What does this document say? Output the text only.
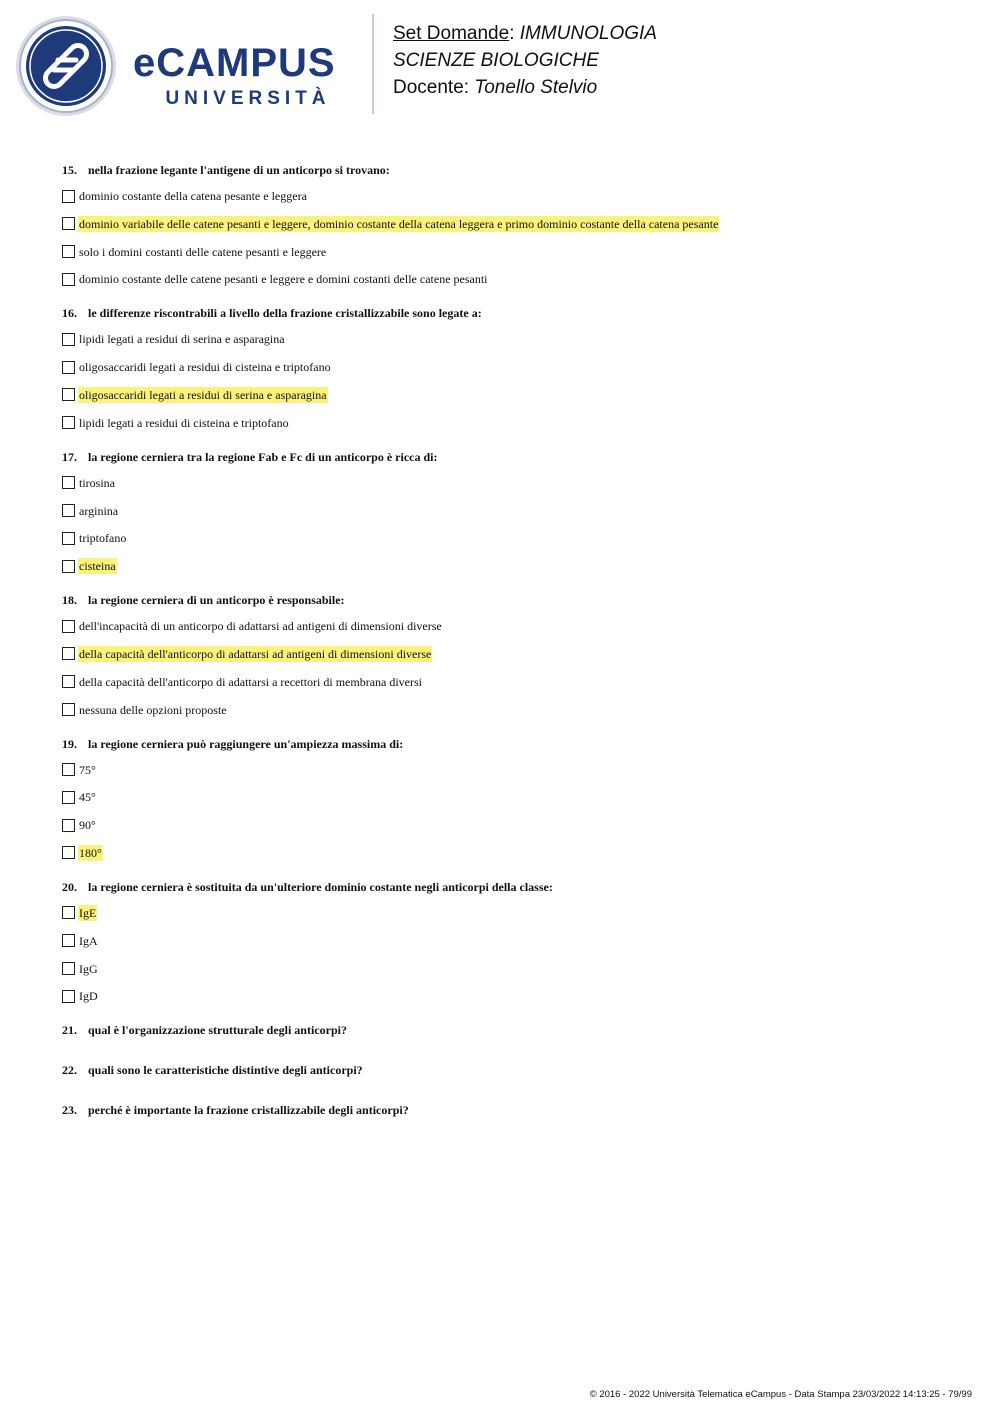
eCAMPUS
UNIVERSITÀ
Set Domande: IMMUNOLOGIA
SCIENZE BIOLOGICHE
Docente: Tonello Stelvio
15. nella frazione legante l'antigene di un anticorpo si trovano:
dominio costante della catena pesante e leggera
dominio variabile delle catene pesanti e leggere, dominio costante della catena leggera e primo dominio costante della catena pesante
solo i domini costanti delle catene pesanti e leggere
dominio costante delle catene pesanti e leggere e domini costanti delle catene pesanti
16. le differenze riscontrabili a livello della frazione cristallizzabile sono legate a:
lipidi legati a residui di serina e asparagina
oligosaccaridi legati a residui di cisteina e triptofano
oligosaccaridi legati a residui di serina e asparagina
lipidi legati a residui di cisteina e triptofano
17. la regione cerniera tra la regione Fab e Fc di un anticorpo è ricca di:
tirosina
arginina
triptofano
cisteina
18. la regione cerniera di un anticorpo è responsabile:
dell'incapacità di un anticorpo di adattarsi ad antigeni di dimensioni diverse
della capacità dell'anticorpo di adattarsi ad antigeni di dimensioni diverse
della capacità dell'anticorpo di adattarsi a recettori di membrana diversi
nessuna delle opzioni proposte
19. la regione cerniera può raggiungere un'ampiezza massima di:
75°
45°
90°
180°
20. la regione cerniera è sostituita da un'ulteriore dominio costante negli anticorpi della classe:
IgE
IgA
IgG
IgD
21. qual è l'organizzazione strutturale degli anticorpi?
22. quali sono le caratteristiche distintive degli anticorpi?
23. perché è importante la frazione cristallizzabile degli anticorpi?
© 2016 - 2022 Università Telematica eCampus - Data Stampa 23/03/2022 14:13:25 - 79/99
